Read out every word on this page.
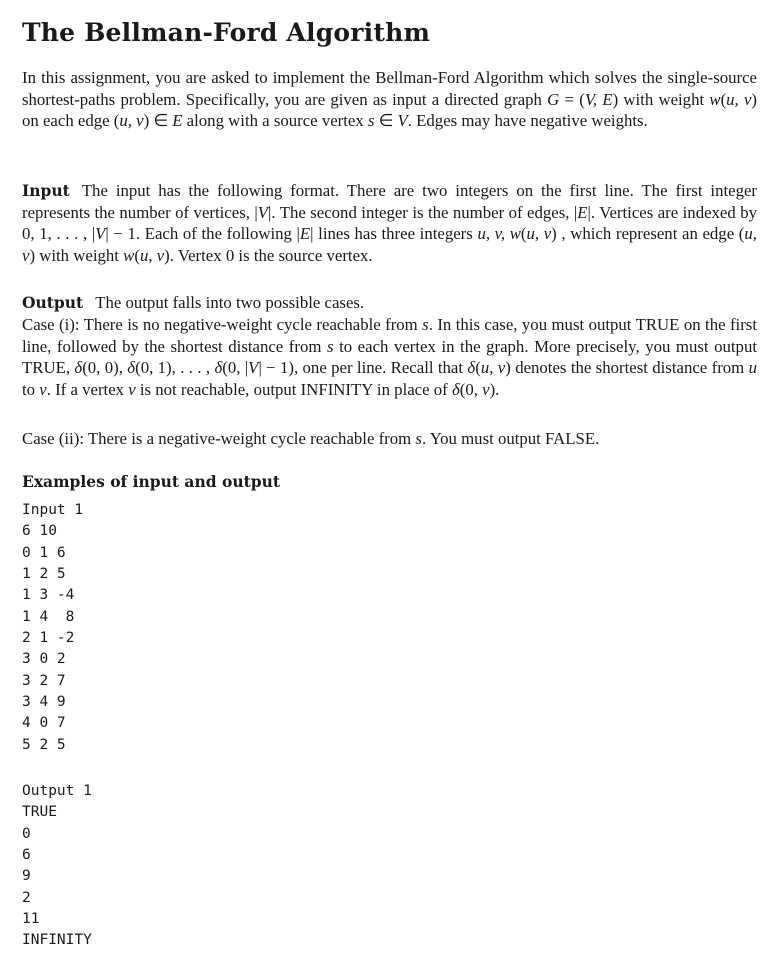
The Bellman-Ford Algorithm
In this assignment, you are asked to implement the Bellman-Ford Algorithm which solves the single-source shortest-paths problem. Specifically, you are given as input a directed graph G = (V, E) with weight w(u, v) on each edge (u, v) ∈ E along with a source vertex s ∈ V. Edges may have negative weights.
Input The input has the following format. There are two integers on the first line. The first integer represents the number of vertices, |V|. The second integer is the number of edges, |E|. Vertices are indexed by 0, 1, . . . , |V| − 1. Each of the following |E| lines has three integers u, v, w(u, v) , which represent an edge (u, v) with weight w(u, v). Vertex 0 is the source vertex.
Output The output falls into two possible cases.
Case (i): There is no negative-weight cycle reachable from s. In this case, you must output TRUE on the first line, followed by the shortest distance from s to each vertex in the graph. More precisely, you must output TRUE, δ(0, 0), δ(0, 1), . . . , δ(0, |V| − 1), one per line. Recall that δ(u, v) denotes the shortest distance from u to v. If a vertex v is not reachable, output INFINITY in place of δ(0, v).
Case (ii): There is a negative-weight cycle reachable from s. You must output FALSE.
Examples of input and output
Input 1
6 10
0 1 6
1 2 5
1 3 -4
1 4  8
2 1 -2
3 0 2
3 2 7
3 4 9
4 0 7
5 2 5
Output 1
TRUE
0
6
9
2
11
INFINITY
